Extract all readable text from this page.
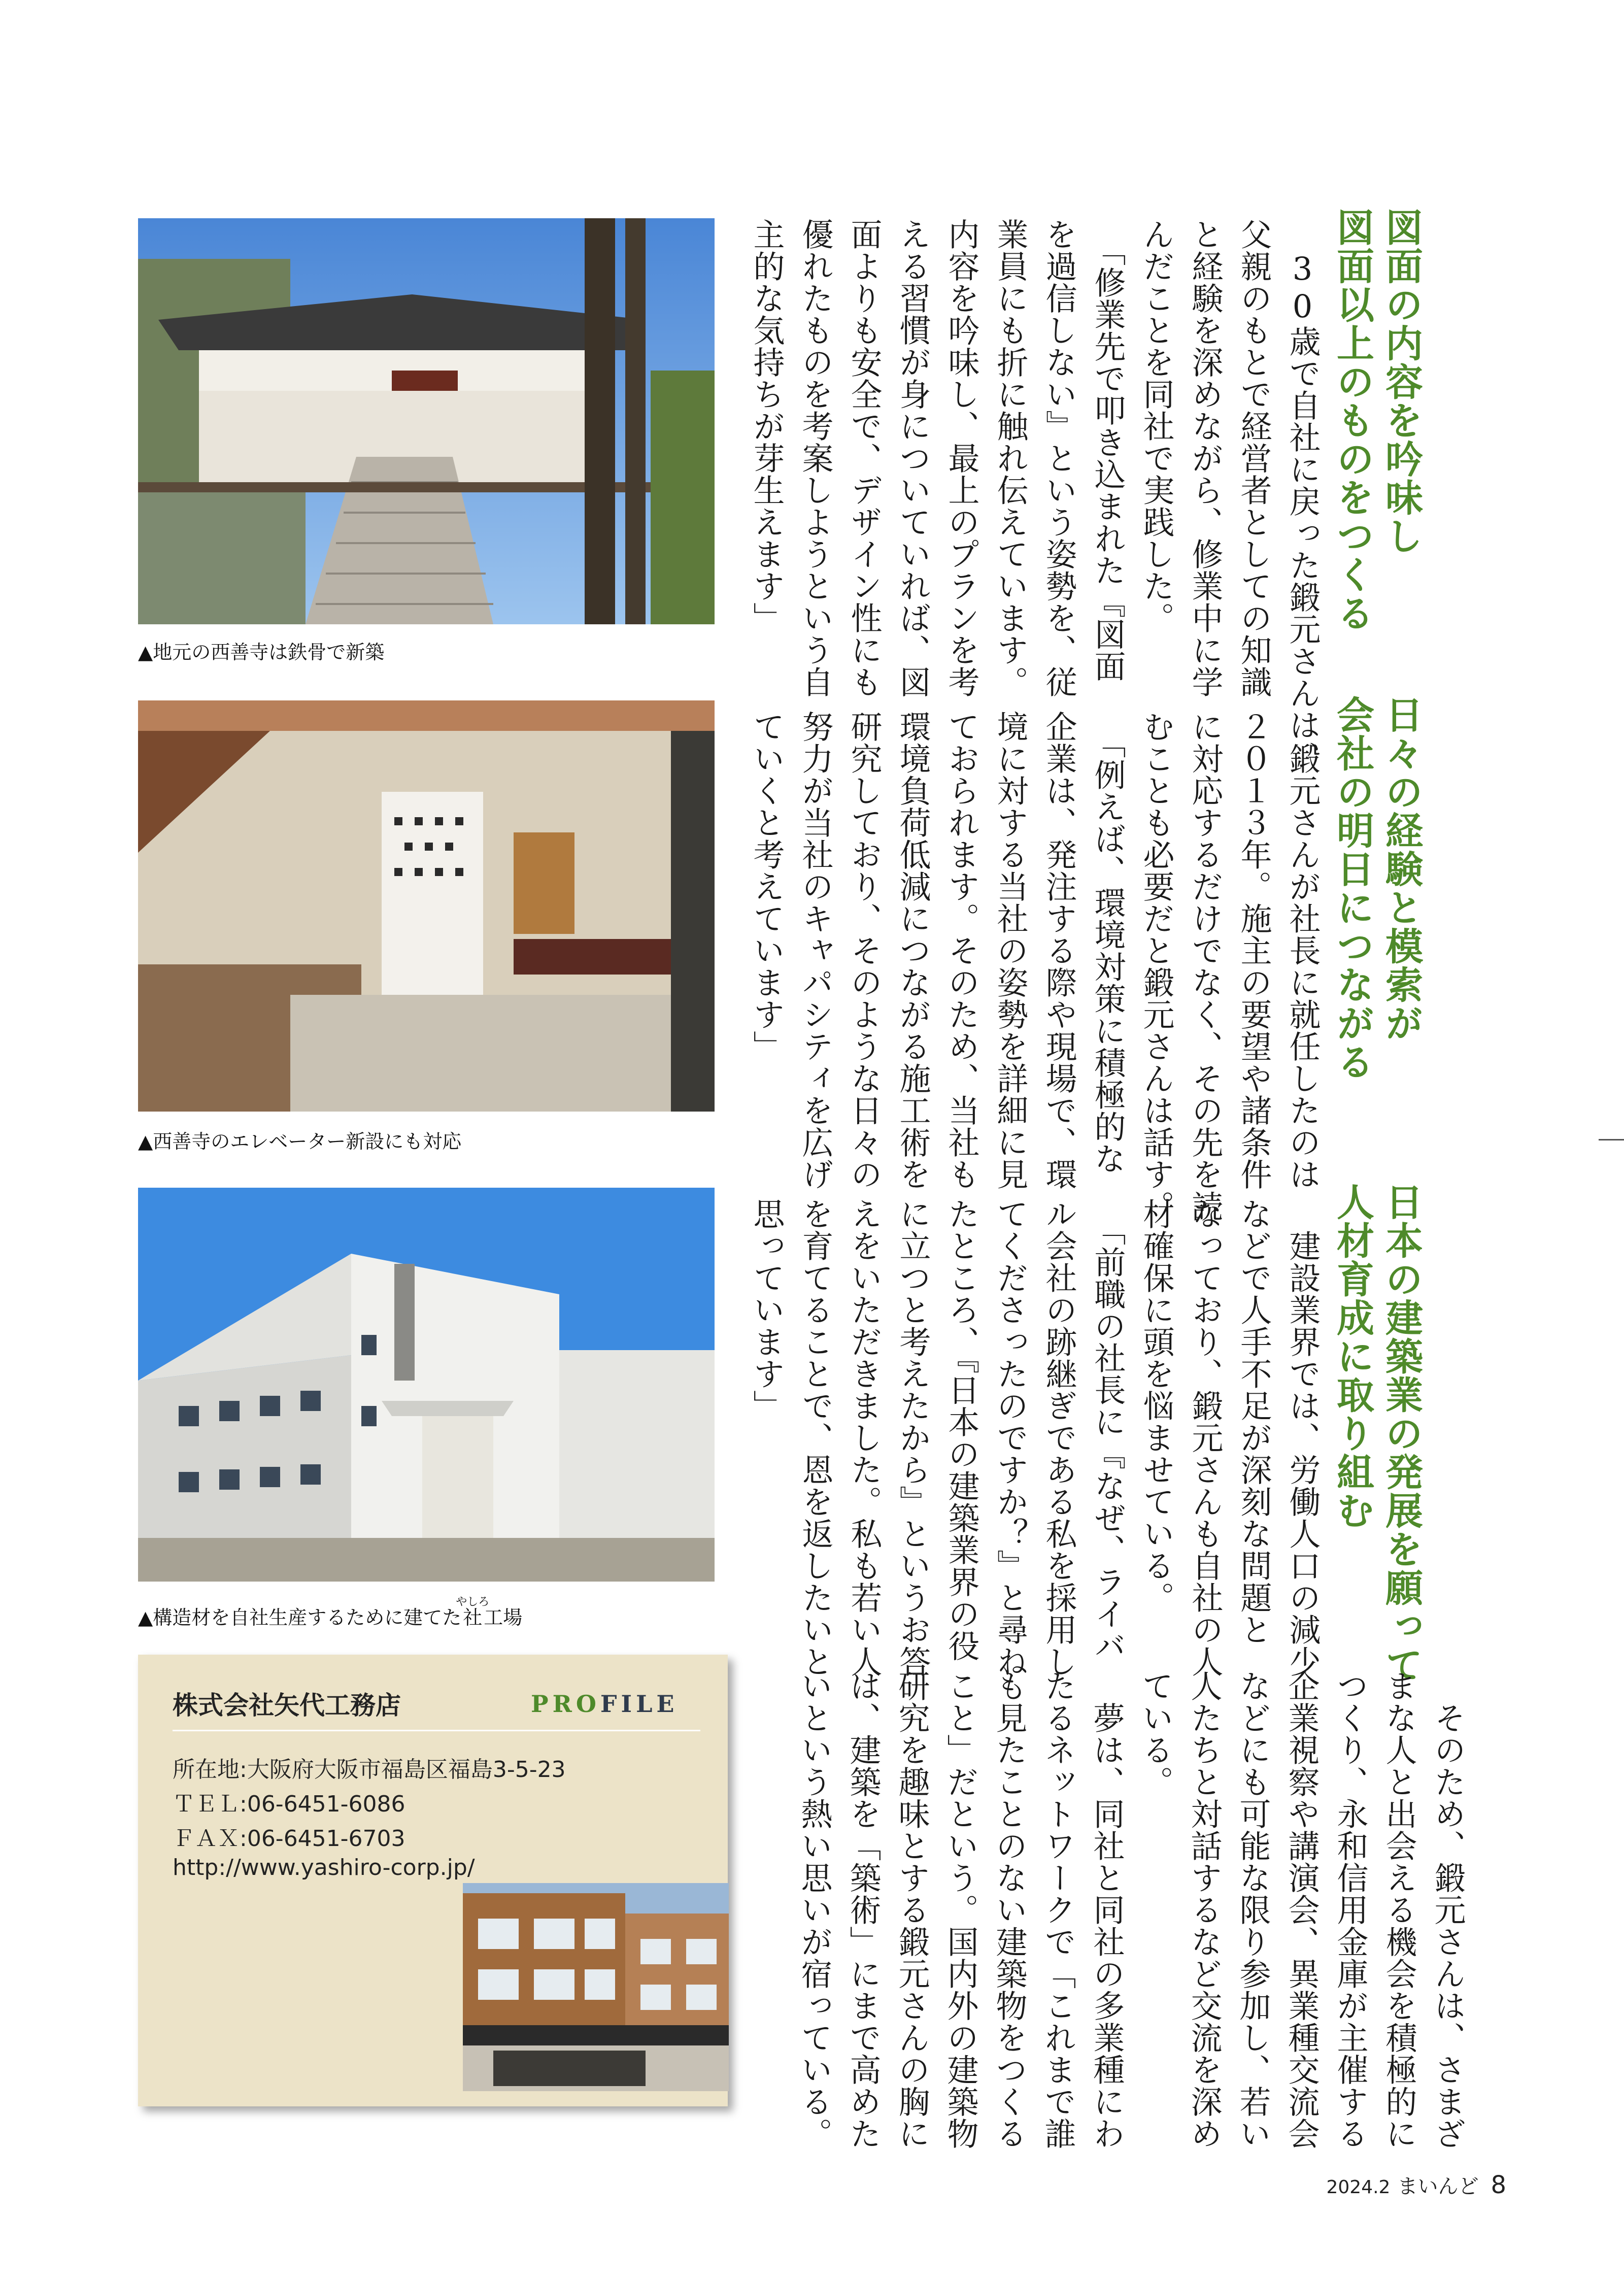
▲地元の西善寺は鉄骨で新築
▲西善寺のエレベーター新設にも対応
▲構造材を自社生産するために建てた社やしろ工場
株式会社矢代工務店	PROFILE
所在地:大阪府大阪市福島区福島3-5-23
ＴＥＬ:06-6451-6086
ＦＡＸ:06-6451-6703
http://www.yashiro-corp.jp/
図面の内容を吟味し
図面以上のものをつくる
　30歳で自社に戻った鍛元さんは、
父親のもとで経営者としての知識
と経験を深めながら、修業中に学
んだことを同社で実践した。
　「修業先で叩き込まれた『図面
を過信しない』という姿勢を、従
業員にも折に触れ伝えています。
内容を吟味し、最上のプランを考
える習慣が身についていれば、図
面よりも安全で、デザイン性にも
優れたものを考案しようという自
主的な気持ちが芽生えます」
日々の経験と模索が
会社の明日につながる
　鍛元さんが社長に就任したのは
２０１３年。施主の要望や諸条件
に対応するだけでなく、その先を読
むことも必要だと鍛元さんは話す。
　「例えば、環境対策に積極的な
企業は、発注する際や現場で、環
境に対する当社の姿勢を詳細に見
ておられます。そのため、当社も
環境負荷低減につながる施工術を
研究しており、そのような日々の
努力が当社のキャパシティを広げ
ていくと考えています」
日本の建築業の発展を願って
人材育成に取り組む
　建設業界では、労働人口の減少
などで人手不足が深刻な問題と
なっており、鍛元さんも自社の人
材確保に頭を悩ませている。
　「前職の社長に『なぜ、ライバ
ル会社の跡継ぎである私を採用し
てくださったのですか？』と尋ね
たところ、『日本の建築業界の役
に立つと考えたから』というお答
えをいただきました。私も若い人
を育てることで、恩を返したいと
思っています」
　そのため、鍛元さんは、さまざ
まな人と出会える機会を積極的に
つくり、永和信用金庫が主催する
企業視察や講演会、異業種交流会
などにも可能な限り参加し、若い
人たちと対話するなど交流を深め
ている。
　夢は、同社と同社の多業種にわ
たるネットワークで「これまで誰
も見たことのない建築物をつくる
こと」だという。国内外の建築物
研究を趣味とする鍛元さんの胸に
は、建築を「築術」にまで高めた
いという熱い思いが宿っている。
2024.2 まいんど 8
